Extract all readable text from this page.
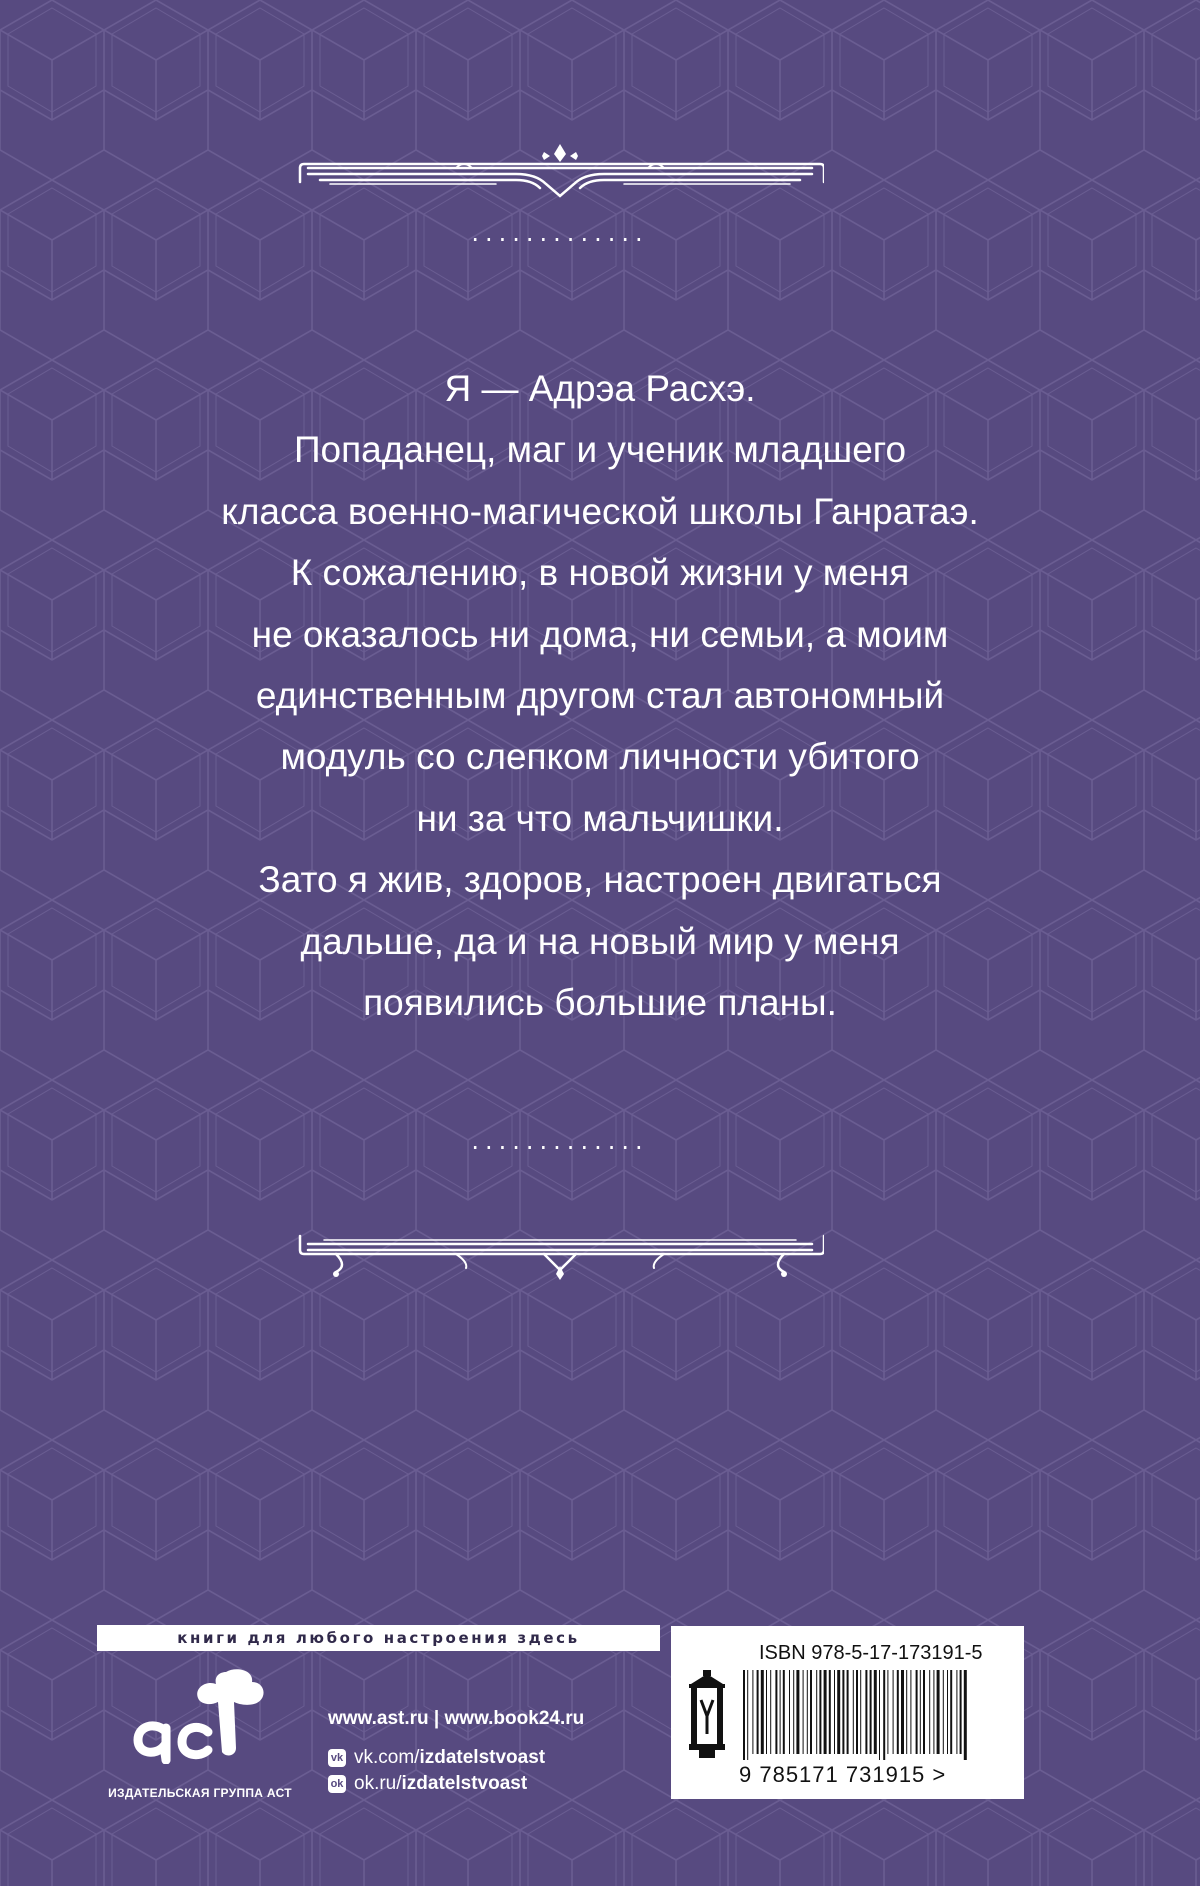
·············
Я — Адрэа Расхэ.
Попаданец, маг и ученик младшего
класса военно-магической школы Ганратаэ.
К сожалению, в новой жизни у меня
не оказалось ни дома, ни семьи, а моим
единственным другом стал автономный
модуль со слепком личности убитого
ни за что мальчишки.
Зато я жив, здоров, настроен двигаться
дальше, да и на новый мир у меня
появились большие планы.
·············
книги для любого настроения здесь
ИЗДАТЕЛЬСКАЯ ГРУППА АСТ
www.ast.ru | www.book24.ru
vk vk.com/ izdatelstvoast
ok ok.ru/ izdatelstvoast
ISBN 978-5-17-173191-5
9 785171 731915 >
